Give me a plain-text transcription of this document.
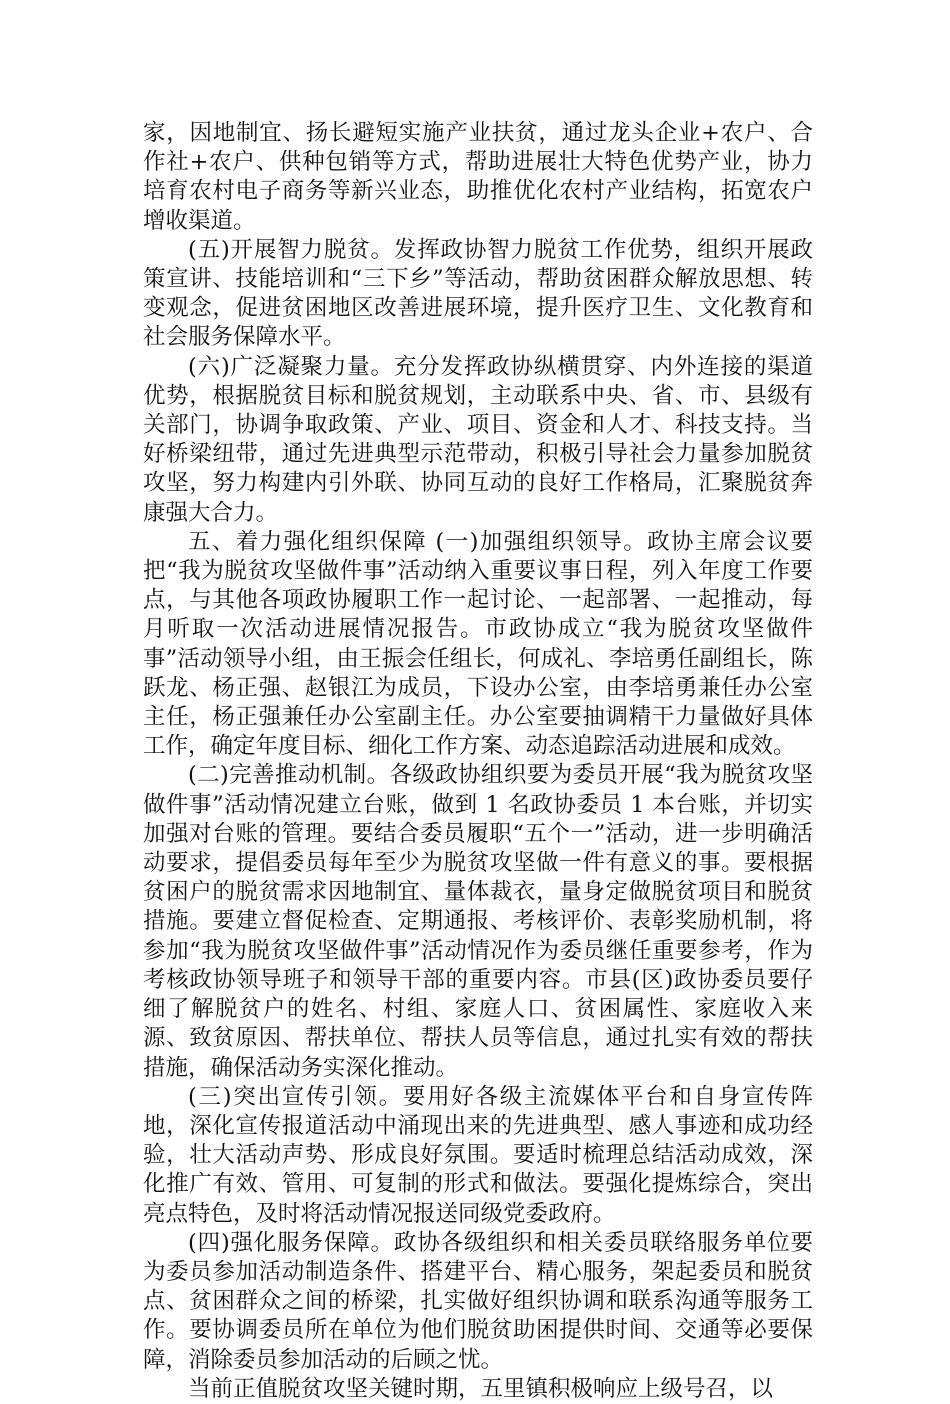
家，因地制宜、扬长避短实施产业扶贫，通过龙头企业+农户、合作社+农户、供种包销等方式，帮助进展壮大特色优势产业，协力培育农村电子商务等新兴业态，助推优化农村产业结构，拓宽农户增收渠道。

(五)开展智力脱贫。发挥政协智力脱贫工作优势，组织开展政策宣讲、技能培训和“三下乡”等活动，帮助贫困群众解放思想、转变观念，促进贫困地区改善进展环境，提升医疗卫生、文化教育和社会服务保障水平。

(六)广泛凝聚力量。充分发挥政协纵横贯穿、内外连接的渠道优势，根据脱贫目标和脱贫规划，主动联系中央、省、市、县级有关部门，协调争取政策、产业、项目、资金和人才、科技支持。当好桥梁纽带，通过先进典型示范带动，积极引导社会力量参加脱贫攻坚，努力构建内引外联、协同互动的良好工作格局，汇聚脱贫奔康强大合力。

五、着力强化组织保障 (一)加强组织领导。政协主席会议要把“我为脱贫攻坚做件事”活动纳入重要议事日程，列入年度工作要点，与其他各项政协履职工作一起讨论、一起部署、一起推动，每月听取一次活动进展情况报告。市政协成立“我为脱贫攻坚做件事”活动领导小组，由王振会任组长，何成礼、李培勇任副组长，陈跃龙、杨正强、赵银江为成员，下设办公室，由李培勇兼任办公室主任，杨正强兼任办公室副主任。办公室要抽调精干力量做好具体工作，确定年度目标、细化工作方案、动态追踪活动进展和成效。

(二)完善推动机制。各级政协组织要为委员开展“我为脱贫攻坚做件事”活动情况建立台账，做到 1 名政协委员 1 本台账，并切实加强对台账的管理。要结合委员履职“五个一”活动，进一步明确活动要求，提倡委员每年至少为脱贫攻坚做一件有意义的事。要根据贫困户的脱贫需求因地制宜、量体裁衣，量身定做脱贫项目和脱贫措施。要建立督促检查、定期通报、考核评价、表彰奖励机制，将参加“我为脱贫攻坚做件事”活动情况作为委员继任重要参考，作为考核政协领导班子和领导干部的重要内容。市县(区)政协委员要仔细了解脱贫户的姓名、村组、家庭人口、贫困属性、家庭收入来源、致贫原因、帮扶单位、帮扶人员等信息，通过扎实有效的帮扶措施，确保活动务实深化推动。

(三)突出宣传引领。要用好各级主流媒体平台和自身宣传阵地，深化宣传报道活动中涌现出来的先进典型、感人事迹和成功经验，壮大活动声势、形成良好氛围。要适时梳理总结活动成效，深化推广有效、管用、可复制的形式和做法。要强化提炼综合，突出亮点特色，及时将活动情况报送同级党委政府。

(四)强化服务保障。政协各级组织和相关委员联络服务单位要为委员参加活动制造条件、搭建平台、精心服务，架起委员和脱贫点、贫困群众之间的桥梁，扎实做好组织协调和联系沟通等服务工作。要协调委员所在单位为他们脱贫助困提供时间、交通等必要保障，消除委员参加活动的后顾之忧。

当前正值脱贫攻坚关键时期，五里镇积极响应上级号召，以
